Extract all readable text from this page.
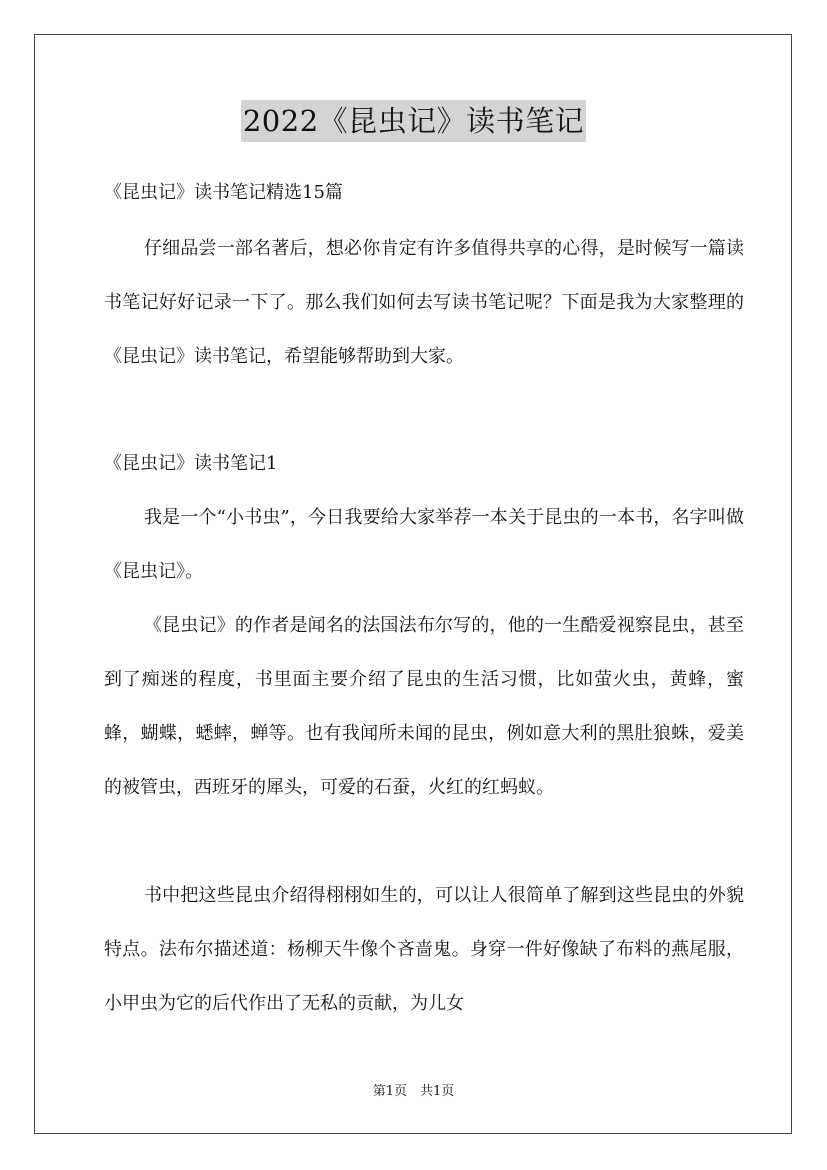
2022《昆虫记》读书笔记
《昆虫记》读书笔记精选15篇

仔细品尝一部名著后，想必你肯定有许多值得共享的心得，是时候写一篇读书笔记好好记录一下了。那么我们如何去写读书笔记呢？下面是我为大家整理的《昆虫记》读书笔记，希望能够帮助到大家。

《昆虫记》读书笔记1

我是一个“小书虫”，今日我要给大家举荐一本关于昆虫的一本书，名字叫做《昆虫记》。

《昆虫记》的作者是闻名的法国法布尔写的，他的一生酷爱视察昆虫，甚至到了痴迷的程度，书里面主要介绍了昆虫的生活习惯，比如萤火虫，黄蜂，蜜蜂，蝴蝶，蟋蟀，蝉等。也有我闻所未闻的昆虫，例如意大利的黑肚狼蛛，爱美的被管虫，西班牙的犀头，可爱的石蚕，火红的红蚂蚁。

书中把这些昆虫介绍得栩栩如生的，可以让人很简单了解到这些昆虫的外貌特点。法布尔描述道：杨柳天牛像个吝啬鬼。身穿一件好像缺了布料的燕尾服，小甲虫为它的后代作出了无私的贡献，为儿女

第1页　共1页
